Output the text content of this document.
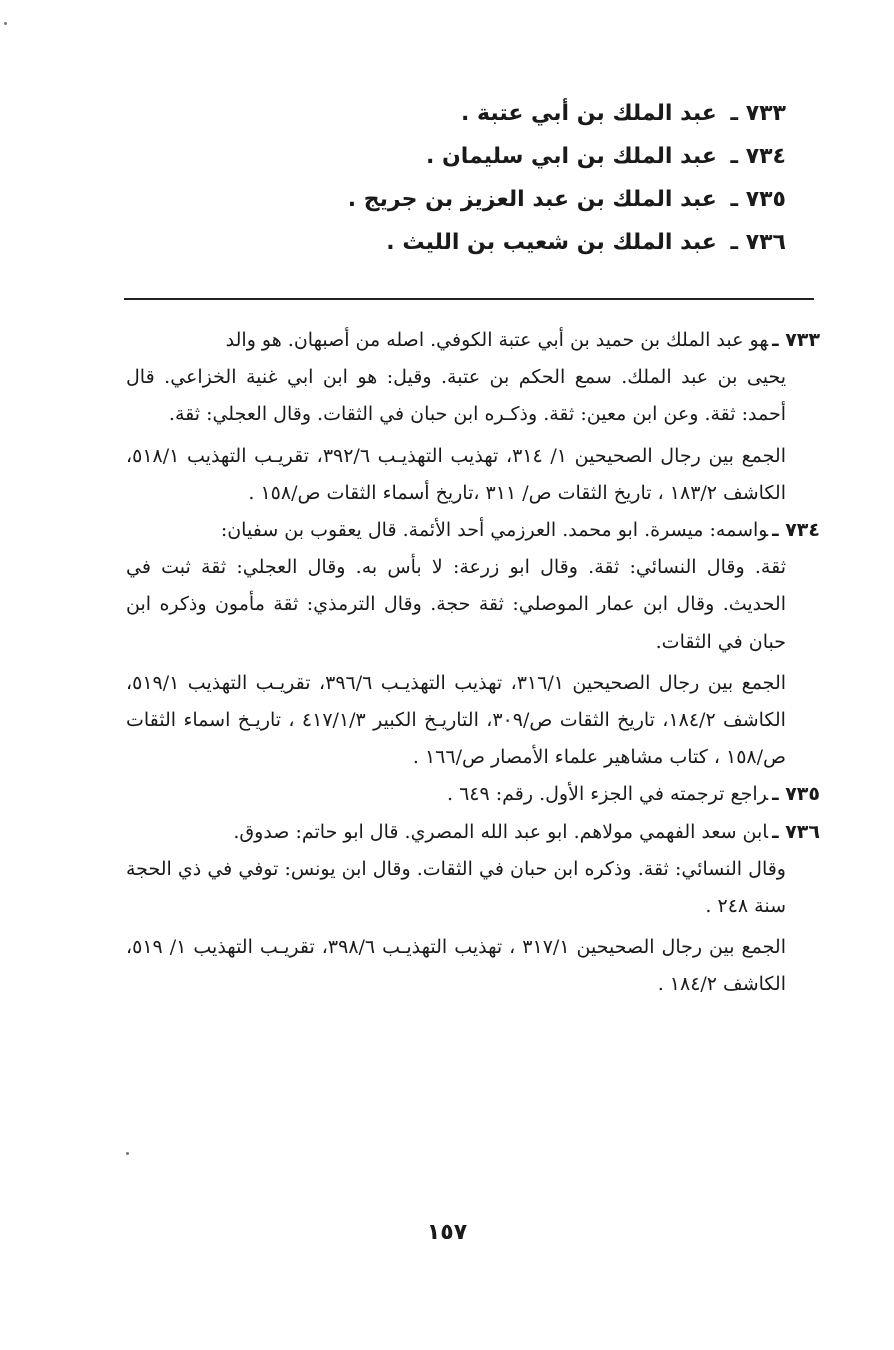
٧٣٣ ـ عبد الملك بن أبي عتبة .
٧٣٤ ـ عبد الملك بن ابي سليمان .
٧٣٥ ـ عبد الملك بن عبد العزيز بن جريج .
٧٣٦ ـ عبد الملك بن شعيب بن الليث .
٧٣٣ ـهو عبد الملك بن حميد بن أبي عتبة الكوفي. اصله من أصبهان. هو والد
يحيى بن عبد الملك. سمع الحكم بن عتبة. وقيل: هو ابن ابي غنية الخزاعي. قال أحمد: ثقة. وعن ابن معين: ثقة. وذكـره ابن حبان في الثقات. وقال العجلي: ثقة.
الجمع بين رجال الصحيحين ١/ ٣١٤، تهذيب التهذيـب ٣٩٢/٦، تقريـب التهذيب ٥١٨/١، الكاشف ١٨٣/٢ ، تاريخ الثقات ص/ ٣١١ ،تاريخ أسماء الثقات ص/١٥٨ .
٧٣٤ ـواسمه: ميسرة. ابو محمد. العرزمي أحد الأئمة. قال يعقوب بن سفيان:
ثقة. وقال النسائي: ثقة. وقال ابو زرعة: لا بأس به. وقال العجلي: ثقة ثبت في الحديث. وقال ابن عمار الموصلي: ثقة حجة. وقال الترمذي: ثقة مأمون وذكره ابن حبان في الثقات.
الجمع بين رجال الصحيحين ٣١٦/١، تهذيب التهذيـب ٣٩٦/٦، تقريـب التهذيب ٥١٩/١، الكاشف ١٨٤/٢، تاريخ الثقات ص/٣٠٩، التاريـخ الكبير ٤١٧/١/٣ ، تاريـخ اسماء الثقات ص/١٥٨ ، كتاب مشاهير علماء الأمصار ص/١٦٦ .
٧٣٥ ـراجع ترجمته في الجزء الأول. رقم: ٦٤٩ .
٧٣٦ ـابن سعد الفهمي مولاهم. ابو عبد الله المصري. قال ابو حاتم: صدوق.
وقال النسائي: ثقة. وذكره ابن حبان في الثقات. وقال ابن يونس: توفي في ذي الحجة سنة ٢٤٨ .
الجمع بين رجال الصحيحين ٣١٧/١ ، تهذيب التهذيـب ٣٩٨/٦، تقريـب التهذيب ١/ ٥١٩، الكاشف ١٨٤/٢ .
١٥٧
